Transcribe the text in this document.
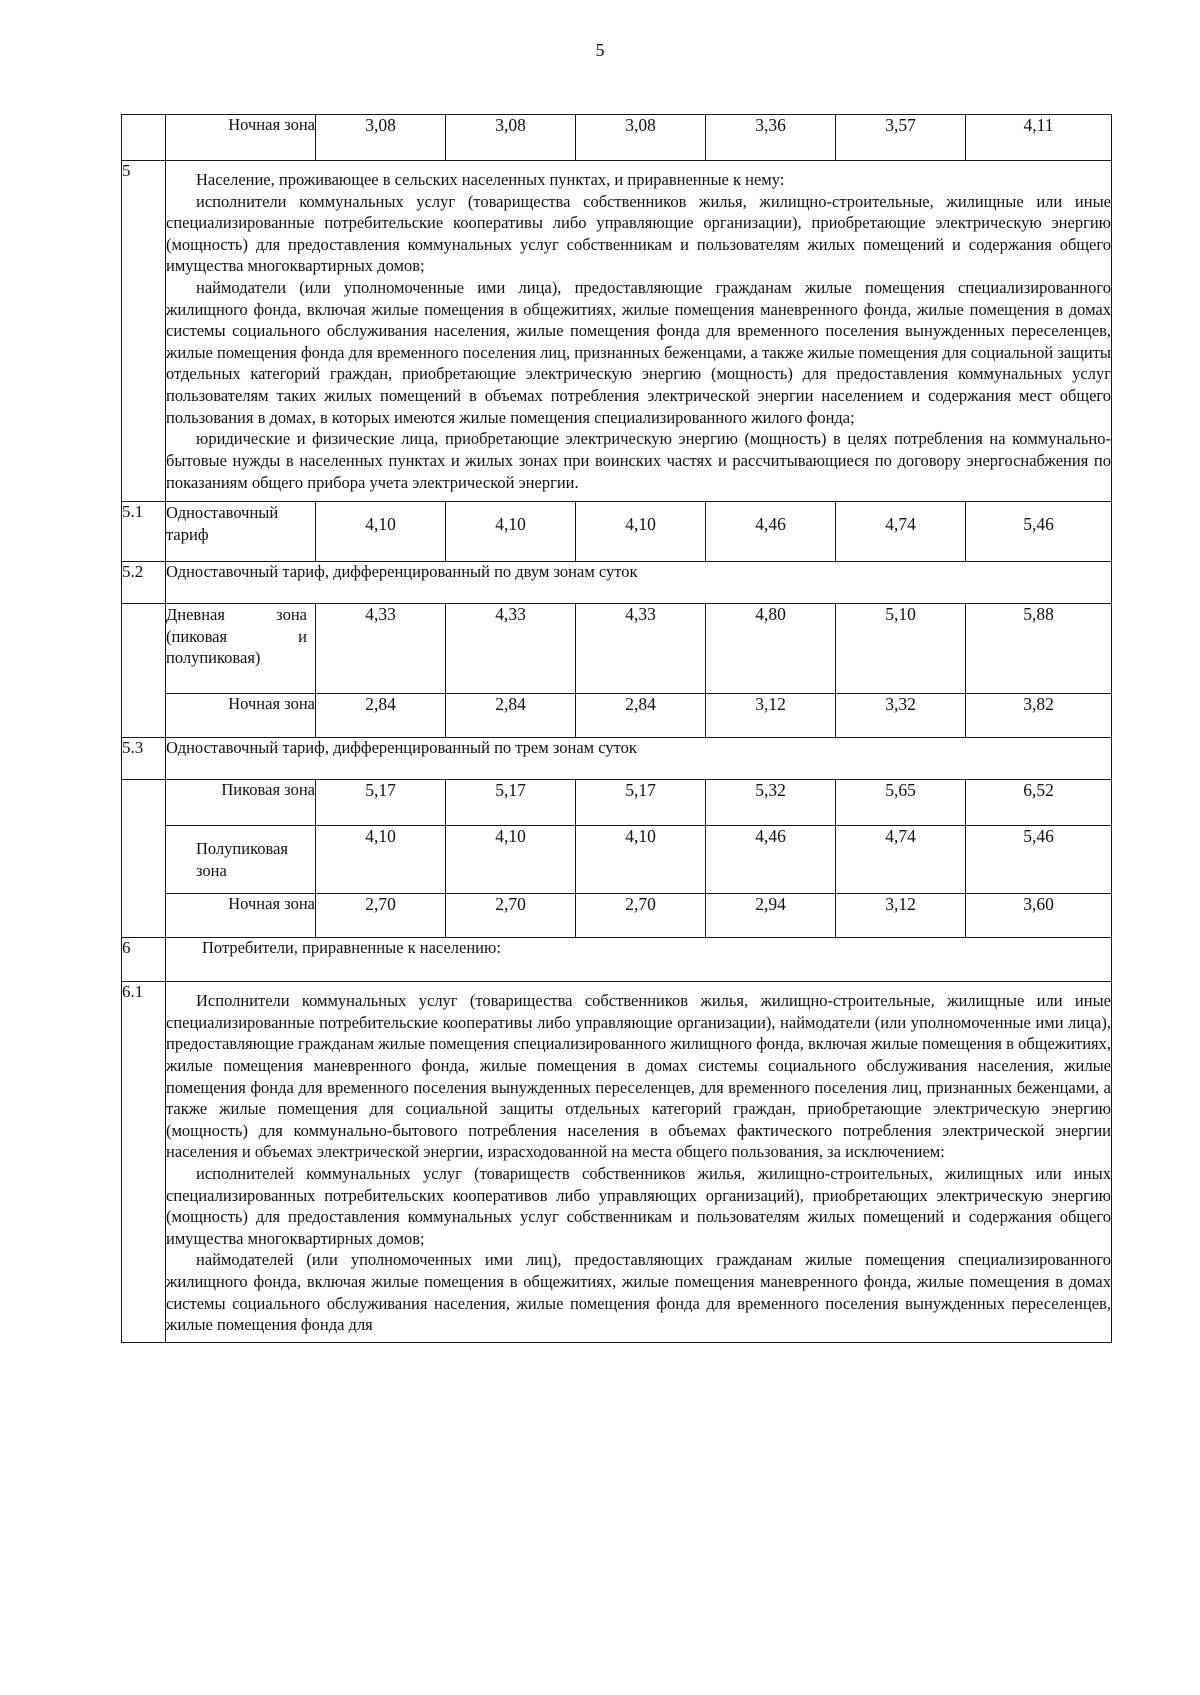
5
	Ночная зона	3,08	3,08	3,08	3,36	3,57	4,11
5	Население, проживающее в сельских населенных пунктах, и приравненные к нему:

исполнители коммунальных услуг (товарищества собственников жилья, жилищно-строительные, жилищные или иные специализированные потребительские кооперативы либо управляющие организации), приобретающие электрическую энергию (мощность) для предоставления коммунальных услуг собственникам и пользователям жилых помещений и содержания общего имущества многоквартирных домов;

наймодатели (или уполномоченные ими лица), предоставляющие гражданам жилые помещения специализированного жилищного фонда, включая жилые помещения в общежитиях, жилые помещения маневренного фонда, жилые помещения в домах системы социального обслуживания населения, жилые помещения фонда для временного поселения вынужденных переселенцев, жилые помещения фонда для временного поселения лиц, признанных беженцами, а также жилые помещения для социальной защиты отдельных категорий граждан, приобретающие электрическую энергию (мощность) для предоставления коммунальных услуг пользователям таких жилых помещений в объемах потребления электрической энергии населением и содержания мест общего пользования в домах, в которых имеются жилые помещения специализированного жилого фонда;

юридические и физические лица, приобретающие электрическую энергию (мощность) в целях потребления на коммунально-бытовые нужды в населенных пунктах и жилых зонах при воинских частях и рассчитывающиеся по договору энергоснабжения по показаниям общего прибора учета электрической энергии.						

5.1	Одноставочный тариф	4,10	4,10	4,10	4,46	4,74	5,46
5.2	Одноставочный тариф, дифференцированный по двум зонам суток						
	Дневная зона (пиковая и полупиковая)	4,33	4,33	4,33	4,80	5,10	5,88
	Ночная зона	2,84	2,84	2,84	3,12	3,32	3,82
5.3	Одноставочный тариф, дифференцированный по трем зонам суток						
	Пиковая зона	5,17	5,17	5,17	5,32	5,65	6,52
	Полупиковая зона	4,10	4,10	4,10	4,46	4,74	5,46
	Ночная зона	2,70	2,70	2,70	2,94	3,12	3,60
6	Потребители, приравненные к населению:						
6.1	Исполнители коммунальных услуг (товарищества собственников жилья, жилищно-строительные, жилищные или иные специализированные потребительские кооперативы либо управляющие организации), наймодатели (или уполномоченные ими лица), предоставляющие гражданам жилые помещения специализированного жилищного фонда, включая жилые помещения в общежитиях, жилые помещения маневренного фонда, жилые помещения в домах системы социального обслуживания населения, жилые помещения фонда для временного поселения вынужденных переселенцев, для временного поселения лиц, признанных беженцами, а также жилые помещения для социальной защиты отдельных категорий граждан, приобретающие электрическую энергию (мощность) для коммунально-бытового потребления населения в объемах фактического потребления электрической энергии населения и объемах электрической энергии, израсходованной на места общего пользования, за исключением:

исполнителей коммунальных услуг (товариществ собственников жилья, жилищно-строительных, жилищных или иных специализированных потребительских кооперативов либо управляющих организаций), приобретающих электрическую энергию (мощность) для предоставления коммунальных услуг собственникам и пользователям жилых помещений и содержания общего имущества многоквартирных домов;

наймодателей (или уполномоченных ими лиц), предоставляющих гражданам жилые помещения специализированного жилищного фонда, включая жилые помещения в общежитиях, жилые помещения маневренного фонда, жилые помещения в домах системы социального обслуживания населения, жилые помещения фонда для временного поселения вынужденных переселенцев, жилые помещения фонда для						
